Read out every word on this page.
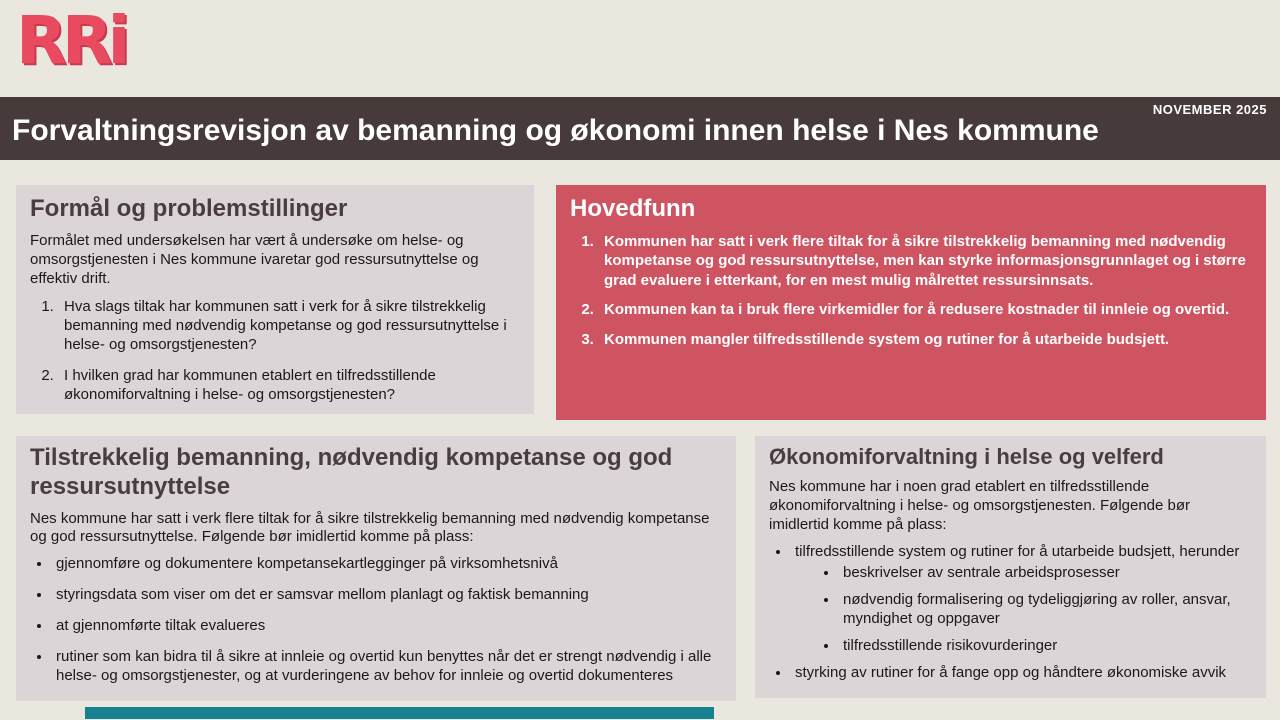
RRi
NOVEMBER 2025
Forvaltningsrevisjon av bemanning og økonomi innen helse i Nes kommune
Formål og problemstillinger
Formålet med undersøkelsen har vært å undersøke om helse- og omsorgstjenesten i Nes kommune ivaretar god ressursutnyttelse og effektiv drift.
1. Hva slags tiltak har kommunen satt i verk for å sikre tilstrekkelig bemanning med nødvendig kompetanse og god ressursutnyttelse i helse- og omsorgstjenesten?
2. I hvilken grad har kommunen etablert en tilfredsstillende økonomiforvaltning i helse- og omsorgstjenesten?
Hovedfunn
1. Kommunen har satt i verk flere tiltak for å sikre tilstrekkelig bemanning med nødvendig kompetanse og god ressursutnyttelse, men kan styrke informasjonsgrunnlaget og i større grad evaluere i etterkant, for en mest mulig målrettet ressursinnsats.
2. Kommunen kan ta i bruk flere virkemidler for å redusere kostnader til innleie og overtid.
3. Kommunen mangler tilfredsstillende system og rutiner for å utarbeide budsjett.
Tilstrekkelig bemanning, nødvendig kompetanse og god ressursutnyttelse
Nes kommune har satt i verk flere tiltak for å sikre tilstrekkelig bemanning med nødvendig kompetanse og god ressursutnyttelse. Følgende bør imidlertid komme på plass:
• gjennomføre og dokumentere kompetansekartlegginger på virksomhetsnivå
• styringsdata som viser om det er samsvar mellom planlagt og faktisk bemanning
• at gjennomførte tiltak evalueres
• rutiner som kan bidra til å sikre at innleie og overtid kun benyttes når det er strengt nødvendig i alle helse- og omsorgstjenester, og at vurderingene av behov for innleie og overtid dokumenteres
Økonomiforvaltning i helse og velferd
Nes kommune har i noen grad etablert en tilfredsstillende økonomiforvaltning i helse- og omsorgstjenesten. Følgende bør imidlertid komme på plass:
• tilfredsstillende system og rutiner for å utarbeide budsjett, herunder
• beskrivelser av sentrale arbeidsprosesser
• nødvendig formalisering og tydeliggjøring av roller, ansvar, myndighet og oppgaver
• tilfredsstillende risikovurderinger
• styrking av rutiner for å fange opp og håndtere økonomiske avvik
